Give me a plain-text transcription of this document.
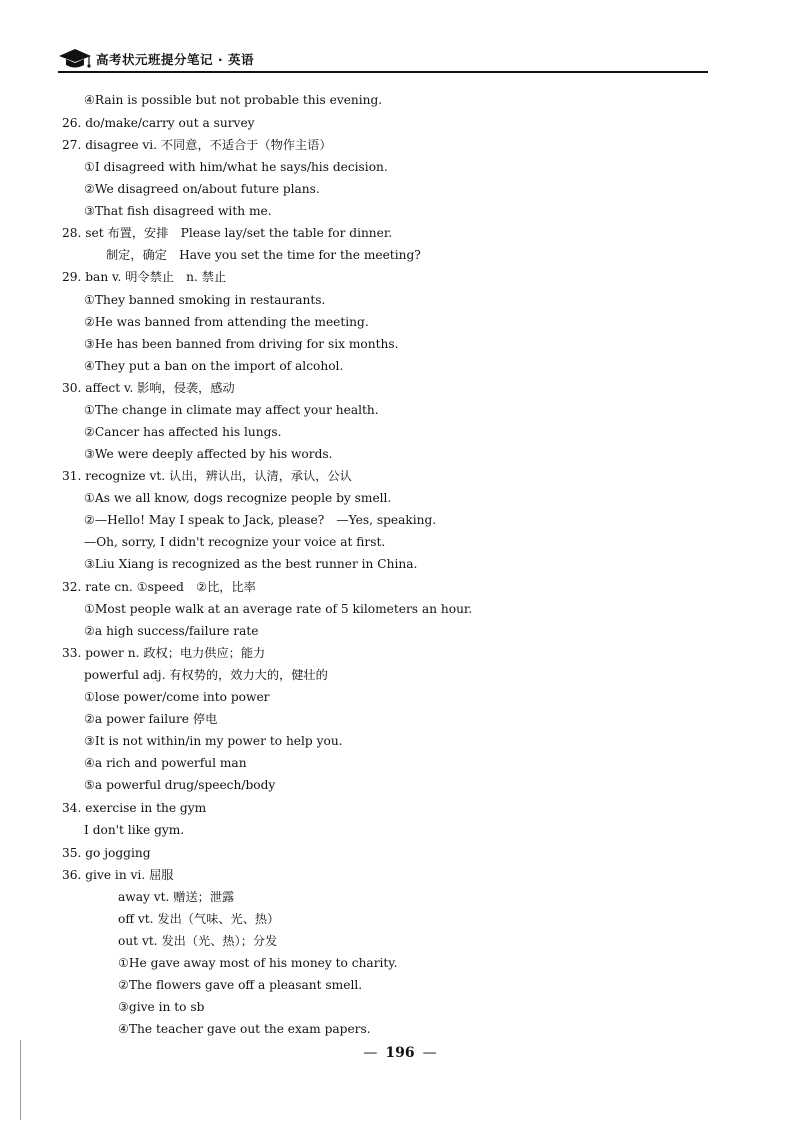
高考状元班提分笔记 · 英语
④Rain is possible but not probable this evening.
26. do/make/carry out a survey
27. disagree vi. 不同意，不适合于（物作主语）
①I disagreed with him/what he says/his decision.
②We disagreed on/about future plans.
③That fish disagreed with me.
28. set 布置，安排　Please lay/set the table for dinner.
制定，确定　Have you set the time for the meeting?
29. ban v. 明令禁止　n. 禁止
①They banned smoking in restaurants.
②He was banned from attending the meeting.
③He has been banned from driving for six months.
④They put a ban on the import of alcohol.
30. affect v. 影响，侵袭，感动
①The change in climate may affect your health.
②Cancer has affected his lungs.
③We were deeply affected by his words.
31. recognize vt. 认出，辨认出，认清，承认，公认
①As we all know, dogs recognize people by smell.
②—Hello! May I speak to Jack, please?　—Yes, speaking.
—Oh, sorry, I didn't recognize your voice at first.
③Liu Xiang is recognized as the best runner in China.
32. rate cn. ①speed　②比，比率
①Most people walk at an average rate of 5 kilometers an hour.
②a high success/failure rate
33. power n. 政权；电力供应；能力
powerful adj. 有权势的，效力大的，健壮的
①lose power/come into power
②a power failure 停电
③It is not within/in my power to help you.
④a rich and powerful man
⑤a powerful drug/speech/body
34. exercise in the gym
I don't like gym.
35. go jogging
36. give in vi. 屈服
away vt. 赠送；泄露
off vt. 发出（气味、光、热）
out vt. 发出（光、热）；分发
①He gave away most of his money to charity.
②The flowers gave off a pleasant smell.
③give in to sb
④The teacher gave out the exam papers.
— 196 —
